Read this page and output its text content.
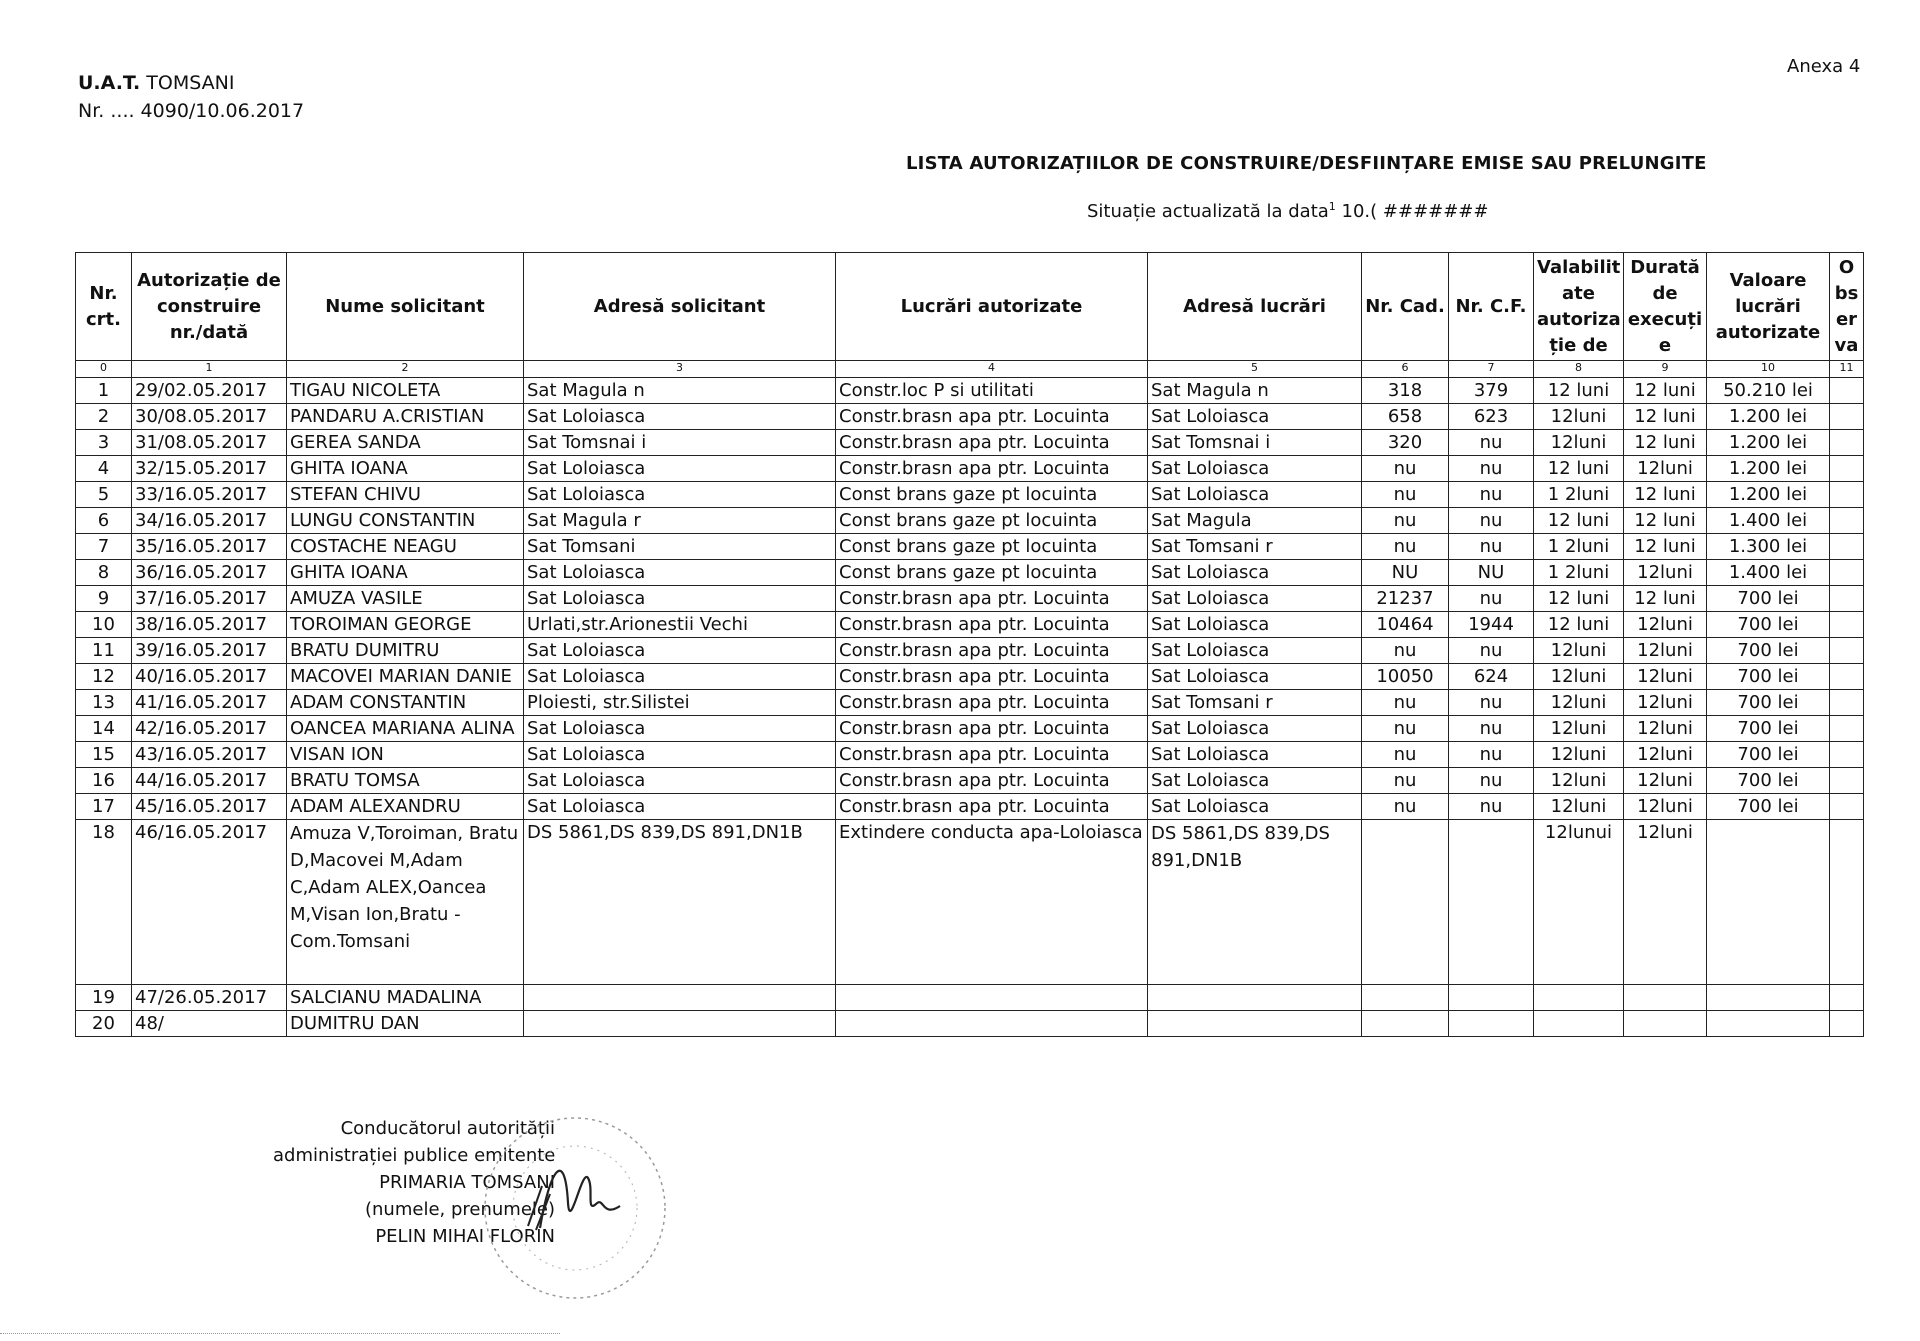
U.A.T. TOMSANI
Nr. .... 4090/10.06.2017
Anexa 4
LISTA AUTORIZAȚIILOR DE CONSTRUIRE/DESFIINȚARE EMISE SAU PRELUNGITE
Situație actualizată la data$^1$ 10.( #######
Nr. crt.	Autorizație de construire nr./dată	Nume solicitant	Adresă solicitant	Lucrări autorizate	Adresă lucrări	Nr. Cad.	Nr. C.F.	Valabilit ate autoriza ție de	Durată de execuți e	Valoare lucrări autorizate	O bs er va
0	1	2	3	4	5	6	7	8	9	10	11
1	29/02.05.2017	TIGAU NICOLETA	Sat Magula n	Constr.loc P si utilitati	Sat Magula n	318	379	12 luni	12 luni	50.210 lei	
2	30/08.05.2017	PANDARU A.CRISTIAN	Sat Loloiasca	Constr.brasn apa ptr. Locuinta	Sat Loloiasca	658	623	12luni	12 luni	1.200 lei	
3	31/08.05.2017	GEREA SANDA	Sat Tomsnai i	Constr.brasn apa ptr. Locuinta	Sat Tomsnai i	320	nu	12luni	12 luni	1.200 lei	
4	32/15.05.2017	GHITA IOANA	Sat Loloiasca	Constr.brasn apa ptr. Locuinta	Sat Loloiasca	nu	nu	12 luni	12luni	1.200 lei	
5	33/16.05.2017	STEFAN CHIVU	Sat Loloiasca	Const brans gaze pt locuinta	Sat Loloiasca	nu	nu	1 2luni	12 luni	1.200 lei	
6	34/16.05.2017	LUNGU CONSTANTIN	Sat Magula r	Const brans gaze pt locuinta	Sat Magula	nu	nu	12 luni	12 luni	1.400 lei	
7	35/16.05.2017	COSTACHE NEAGU	Sat Tomsani	Const brans gaze pt locuinta	Sat Tomsani r	nu	nu	1 2luni	12 luni	1.300 lei	
8	36/16.05.2017	GHITA IOANA	Sat Loloiasca	Const brans gaze pt locuinta	Sat Loloiasca	NU	NU	1 2luni	12luni	1.400 lei	
9	37/16.05.2017	AMUZA VASILE	Sat Loloiasca	Constr.brasn apa ptr. Locuinta	Sat Loloiasca	21237	nu	12 luni	12 luni	700 lei	
10	38/16.05.2017	TOROIMAN GEORGE	Urlati,str.Arionestii Vechi	Constr.brasn apa ptr. Locuinta	Sat Loloiasca	10464	1944	12 luni	12luni	700 lei	
11	39/16.05.2017	BRATU DUMITRU	Sat Loloiasca	Constr.brasn apa ptr. Locuinta	Sat Loloiasca	nu	nu	12luni	12luni	700 lei	
12	40/16.05.2017	MACOVEI MARIAN DANIE	Sat Loloiasca	Constr.brasn apa ptr. Locuinta	Sat Loloiasca	10050	624	12luni	12luni	700 lei	
13	41/16.05.2017	ADAM CONSTANTIN	Ploiesti, str.Silistei	Constr.brasn apa ptr. Locuinta	Sat Tomsani r	nu	nu	12luni	12luni	700 lei	
14	42/16.05.2017	OANCEA MARIANA ALINA	Sat Loloiasca	Constr.brasn apa ptr. Locuinta	Sat Loloiasca	nu	nu	12luni	12luni	700 lei	
15	43/16.05.2017	VISAN ION	Sat Loloiasca	Constr.brasn apa ptr. Locuinta	Sat Loloiasca	nu	nu	12luni	12luni	700 lei	
16	44/16.05.2017	BRATU TOMSA	Sat Loloiasca	Constr.brasn apa ptr. Locuinta	Sat Loloiasca	nu	nu	12luni	12luni	700 lei	
17	45/16.05.2017	ADAM ALEXANDRU	Sat Loloiasca	Constr.brasn apa ptr. Locuinta	Sat Loloiasca	nu	nu	12luni	12luni	700 lei	
18	46/16.05.2017	Amuza V,Toroiman, Bratu D,Macovei M,Adam C,Adam ALEX,Oancea M,Visan Ion,Bratu -Com.Tomsani	DS 5861,DS 839,DS 891,DN1B	Extindere conducta apa-Loloiasca	DS 5861,DS 839,DS 891,DN1B			12lunui	12luni		
19	47/26.05.2017	SALCIANU MADALINA									
20	48/	DUMITRU DAN									
Conducătorul autorității
administrației publice emitente
PRIMARIA TOMSANI
(numele, prenumele)
PELIN MIHAI FLORIN
